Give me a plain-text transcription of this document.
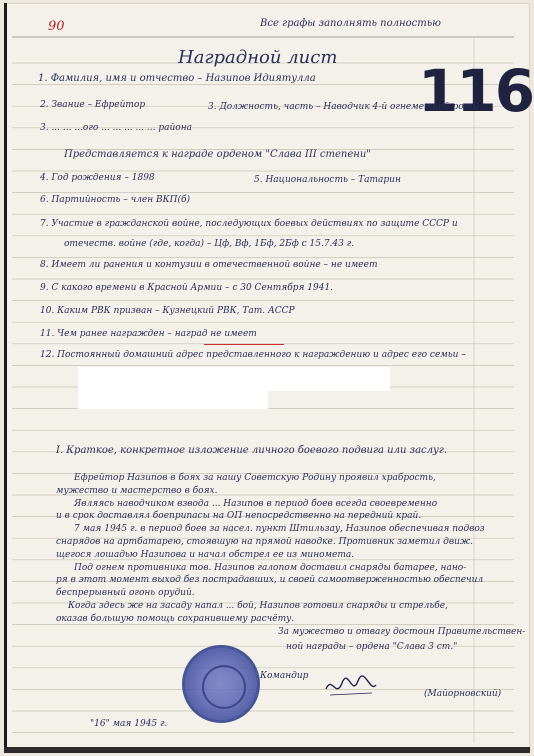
90	Все графы заполнять полностью
Наградной лист 116
1. Фамилия, имя и отчество – Назипов Идиятулла
2. Звание – Ефрейтор	3. Должность, часть – Наводчик 4-й огнеметной роты
3. ... ... ...ого ... ... ... ... ... района
Представляется к награде орденом "Слава III степени"
4. Год рождения – 1898	5. Национальность – Татарин
6. Партийность – член ВКП(б)
7. Участие в гражданской войне, последующих боевых действиях по защите СССР и
отечеств. войне (где, когда) – Цф, Вф, 1Бф, 2Бф с 15.7.43 г.
8. Имеет ли ранения и контузии в отечественной войне – не имеет
9. С какого времени в Красной Армии – с 30 Сентября 1941.
10. Каким РВК призван – Кузнецкий РВК, Тат. АССР
11. Чем ранее награжден – наград не имеет
12. Постоянный домашний адрес представленного к награждению и адрес его семьи –
I. Краткое, конкретное изложение личного боевого подвига или заслуг.
Ефрейтор Назипов в боях за нашу Советскую Родину проявил храбрость,
мужество и мастерство в боях.
Являясь наводчиком взвода ... Назипов в период боев всегда своевременно
и в срок доставлял боеприпасы на ОП непосредственно на передний край.
7 мая 1945 г. в период боев за насел. пункт Штильзау, Назипов обеспечивая подвоз
снарядов на артбатарею, стоявшую на прямой наводке. Противник заметил движ.
щегося лошадью Назипова и начал обстрел ее из миномета.
Под огнем противника тов. Назипов галопом доставил снаряды батарее, нано-
ря в этот момент выход без пострадавших, и своей самоотверженностью обеспечил
беспрерывный огонь орудий.
Когда здесь же на засаду напал ... бой, Назипов готовил снаряды и стрельбе,
оказав большую помощь сохранившему расчёту.
За мужество и отвагу достоин Правительствен-
ной награды – ордена "Слава 3 ст."
Командир
(Майорновский)
"16" мая 1945 г.
